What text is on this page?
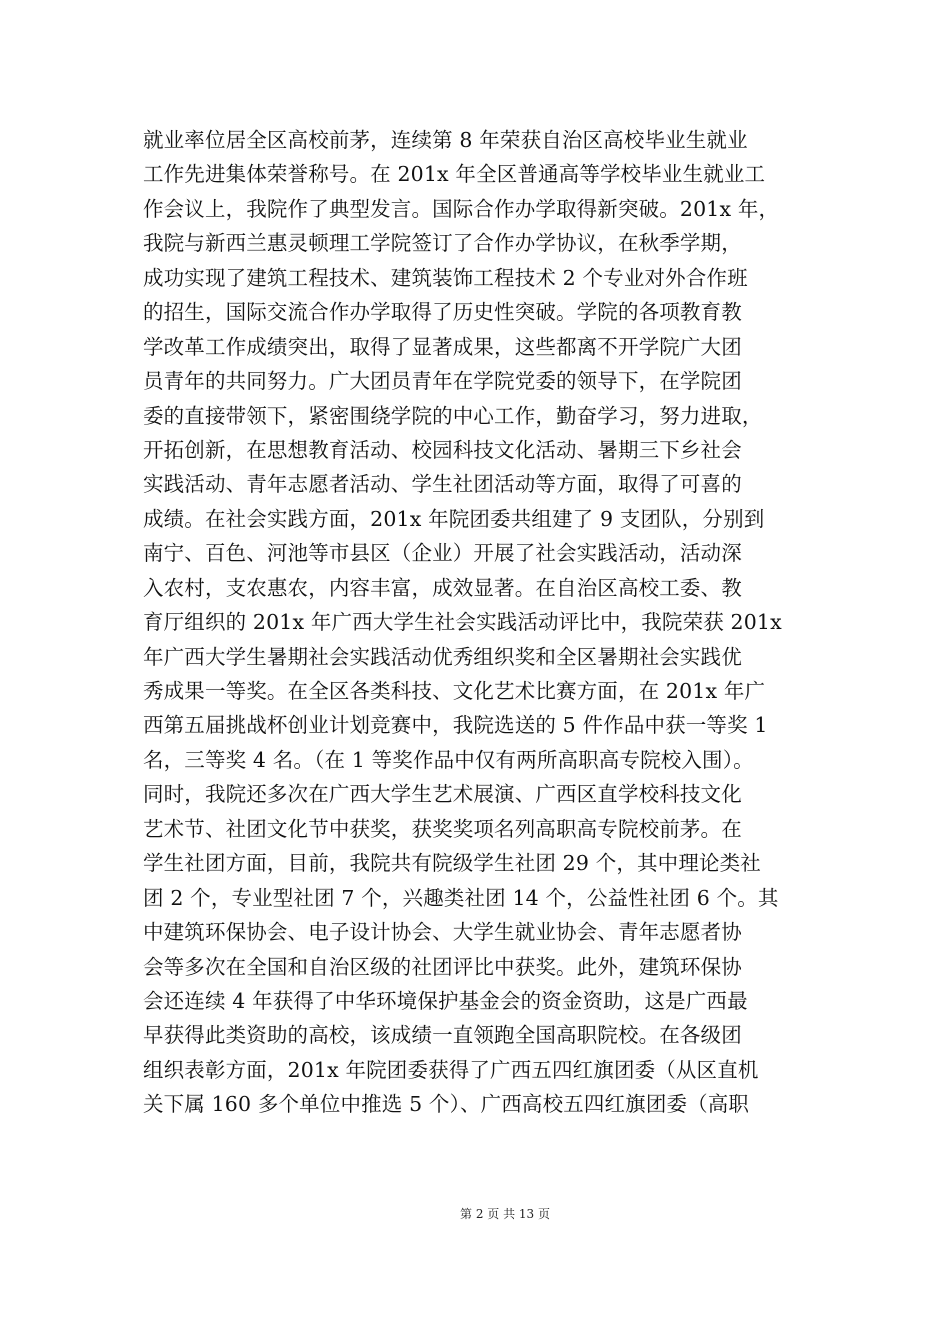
就业率位居全区高校前茅，连续第 8 年荣获自治区高校毕业生就业
工作先进集体荣誉称号。在 201x 年全区普通高等学校毕业生就业工
作会议上，我院作了典型发言。国际合作办学取得新突破。201x 年，
我院与新西兰惠灵顿理工学院签订了合作办学协议，在秋季学期，
成功实现了建筑工程技术、建筑装饰工程技术 2 个专业对外合作班
的招生，国际交流合作办学取得了历史性突破。学院的各项教育教
学改革工作成绩突出，取得了显著成果，这些都离不开学院广大团
员青年的共同努力。广大团员青年在学院党委的领导下，在学院团
委的直接带领下，紧密围绕学院的中心工作，勤奋学习，努力进取，
开拓创新，在思想教育活动、校园科技文化活动、暑期三下乡社会
实践活动、青年志愿者活动、学生社团活动等方面，取得了可喜的
成绩。在社会实践方面，201x 年院团委共组建了 9 支团队，分别到
南宁、百色、河池等市县区（企业）开展了社会实践活动，活动深
入农村，支农惠农，内容丰富，成效显著。在自治区高校工委、教
育厅组织的 201x 年广西大学生社会实践活动评比中，我院荣获 201x
年广西大学生暑期社会实践活动优秀组织奖和全区暑期社会实践优
秀成果一等奖。在全区各类科技、文化艺术比赛方面，在 201x 年广
西第五届挑战杯创业计划竞赛中，我院选送的 5 件作品中获一等奖 1
名，三等奖 4 名。（在 1 等奖作品中仅有两所高职高专院校入围）。
同时，我院还多次在广西大学生艺术展演、广西区直学校科技文化
艺术节、社团文化节中获奖，获奖奖项名列高职高专院校前茅。在
学生社团方面，目前，我院共有院级学生社团 29 个，其中理论类社
团 2 个，专业型社团 7 个，兴趣类社团 14 个，公益性社团 6 个。其
中建筑环保协会、电子设计协会、大学生就业协会、青年志愿者协
会等多次在全国和自治区级的社团评比中获奖。此外，建筑环保协
会还连续 4 年获得了中华环境保护基金会的资金资助，这是广西最
早获得此类资助的高校，该成绩一直领跑全国高职院校。在各级团
组织表彰方面，201x 年院团委获得了广西五四红旗团委（从区直机
关下属 160 多个单位中推选 5 个）、广西高校五四红旗团委（高职
第 2 页 共 13 页
